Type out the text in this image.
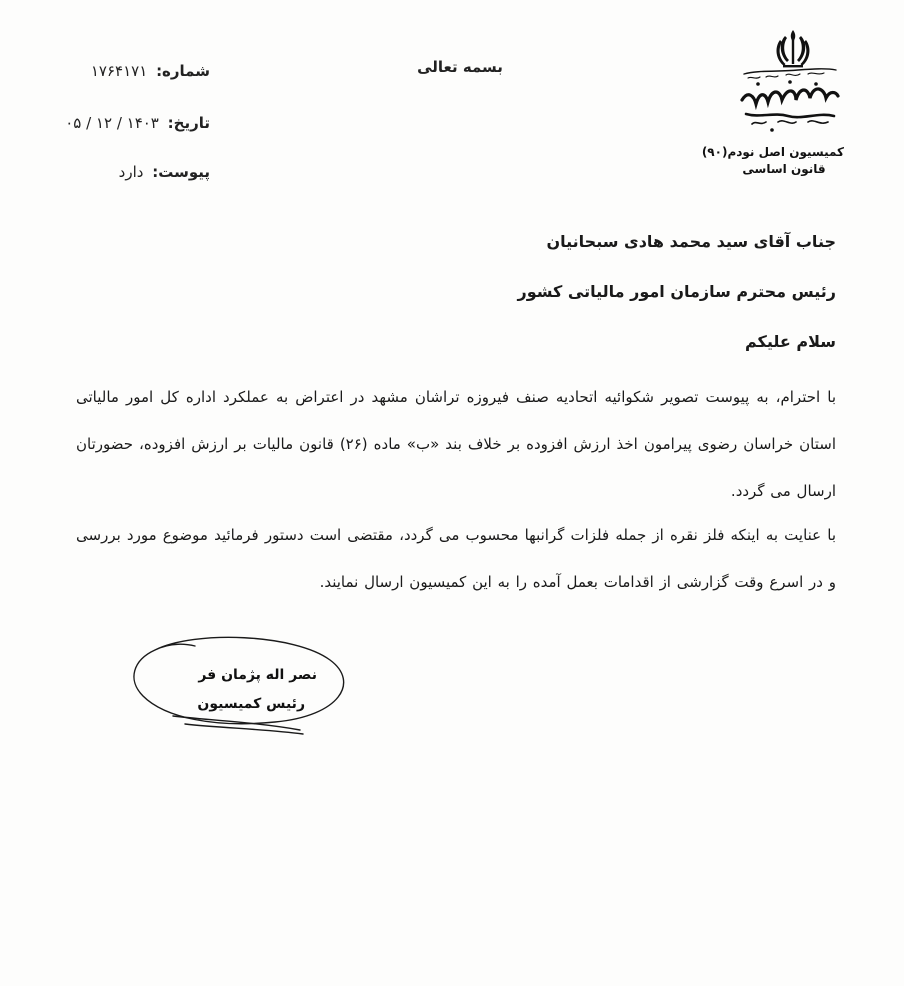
کمیسیون اصل نودم(۹۰)
قانون اساسی
بسمه تعالی
شماره: ۱۷۶۴۱۷۱
تاریخ: ۱۴۰۳ / ۱۲ / ۰۵
پیوست: دارد
جناب آقای سید محمد هادی سبحانیان
رئیس محترم سازمان امور مالیاتی کشور
سلام علیکم
با احترام، به پیوست تصویر شکوائیه اتحادیه صنف فیروزه تراشان مشهد در اعتراض به عملکرد اداره کل امور مالیاتی استان خراسان رضوی پیرامون اخذ ارزش افزوده بر خلاف بند «ب» ماده (۲۶) قانون مالیات بر ارزش افزوده، حضورتان ارسال می گردد.
با عنایت به اینکه فلز نقره از جمله فلزات گرانبها محسوب می گردد، مقتضی است دستور فرمائید موضوع مورد بررسی و در اسرع وقت گزارشی از اقدامات بعمل آمده را به این کمیسیون ارسال نمایند.
نصر اله پژمان فر
رئیس کمیسیون
